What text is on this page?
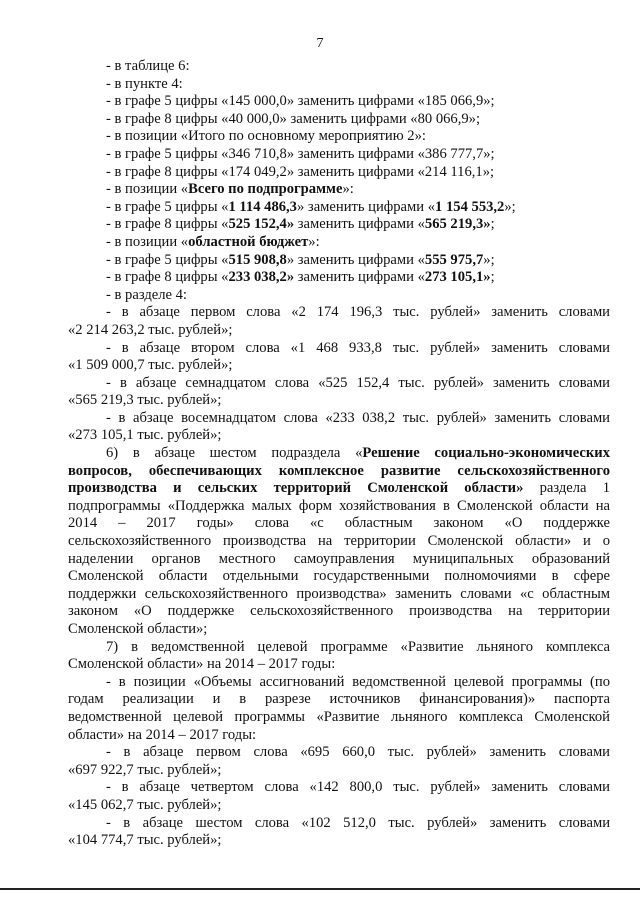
7
- в таблице 6:
- в пункте 4:
- в графе 5 цифры «145 000,0» заменить цифрами «185 066,9»;
- в графе 8 цифры «40 000,0» заменить цифрами «80 066,9»;
- в позиции «Итого по основному мероприятию 2»:
- в графе 5 цифры «346 710,8» заменить цифрами «386 777,7»;
- в графе 8 цифры «174 049,2» заменить цифрами «214 116,1»;
- в позиции «Всего по подпрограмме»:
- в графе 5 цифры «1 114 486,3» заменить цифрами «1 154 553,2»;
- в графе 8 цифры «525 152,4» заменить цифрами «565 219,3»;
- в позиции «областной бюджет»:
- в графе 5 цифры «515 908,8» заменить цифрами «555 975,7»;
- в графе 8 цифры «233 038,2» заменить цифрами «273 105,1»;
- в разделе 4:
- в абзаце первом слова «2 174 196,3 тыс. рублей» заменить словами
«2 214 263,2 тыс. рублей»;
- в абзаце втором слова «1 468 933,8 тыс. рублей» заменить словами
«1 509 000,7 тыс. рублей»;
- в абзаце семнадцатом слова «525 152,4 тыс. рублей» заменить словами
«565 219,3 тыс. рублей»;
- в абзаце восемнадцатом слова «233 038,2 тыс. рублей» заменить словами
«273 105,1 тыс. рублей»;
6) в абзаце шестом подраздела «Решение социально-экономических
вопросов, обеспечивающих комплексное развитие сельскохозяйственного
производства и сельских территорий Смоленской области» раздела 1
подпрограммы «Поддержка малых форм хозяйствования в Смоленской области на
2014 – 2017 годы» слова «с областным законом «О поддержке
сельскохозяйственного производства на территории Смоленской области» и о
наделении органов местного самоуправления муниципальных образований
Смоленской области отдельными государственными полномочиями в сфере
поддержки сельскохозяйственного производства» заменить словами «с областным
законом «О поддержке сельскохозяйственного производства на территории
Смоленской области»;
7) в ведомственной целевой программе «Развитие льняного комплекса
Смоленской области» на 2014 – 2017 годы:
- в позиции «Объемы ассигнований ведомственной целевой программы (по
годам реализации и в разрезе источников финансирования)» паспорта
ведомственной целевой программы «Развитие льняного комплекса Смоленской
области» на 2014 – 2017 годы:
- в абзаце первом слова «695 660,0 тыс. рублей» заменить словами
«697 922,7 тыс. рублей»;
- в абзаце четвертом слова «142 800,0 тыс. рублей» заменить словами
«145 062,7 тыс. рублей»;
- в абзаце шестом слова «102 512,0 тыс. рублей» заменить словами
«104 774,7 тыс. рублей»;
